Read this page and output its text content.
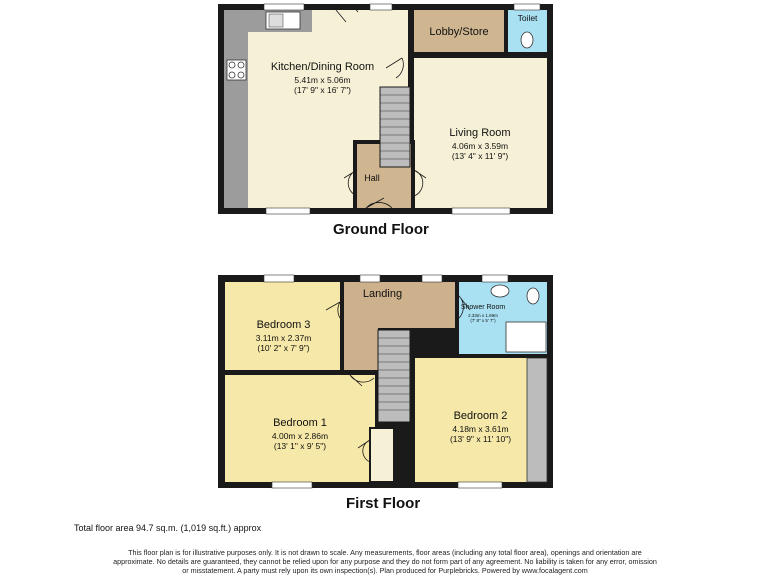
Kitchen/Dining Room
5.41m x 5.06m
(17' 9" x 16' 7")
Lobby/Store
Toilet
Living Room
4.06m x 3.59m
(13' 4" x 11' 9")
Hall
Ground Floor
Landing
Shower Room
2.33m x 1.69m
(7' 8" x 5' 7")
Bedroom 3
3.11m x 2.37m
(10' 2" x 7' 9")
Bedroom 1
4.00m x 2.86m
(13' 1" x 9' 5")
Bedroom 2
4.18m x 3.61m
(13' 9" x 11' 10")
First Floor
Total floor area 94.7 sq.m. (1,019 sq.ft.) approx
This floor plan is for illustrative purposes only. It is not drawn to scale. Any measurements, floor areas (including any total floor area), openings and orientation are
approximate. No details are guaranteed, they cannot be relied upon for any purpose and they do not form part of any agreement. No liability is taken for any error, omission
or misstatement. A party must rely upon its own inspection(s). Plan produced for Purplebricks. Powered by www.focalagent.com
